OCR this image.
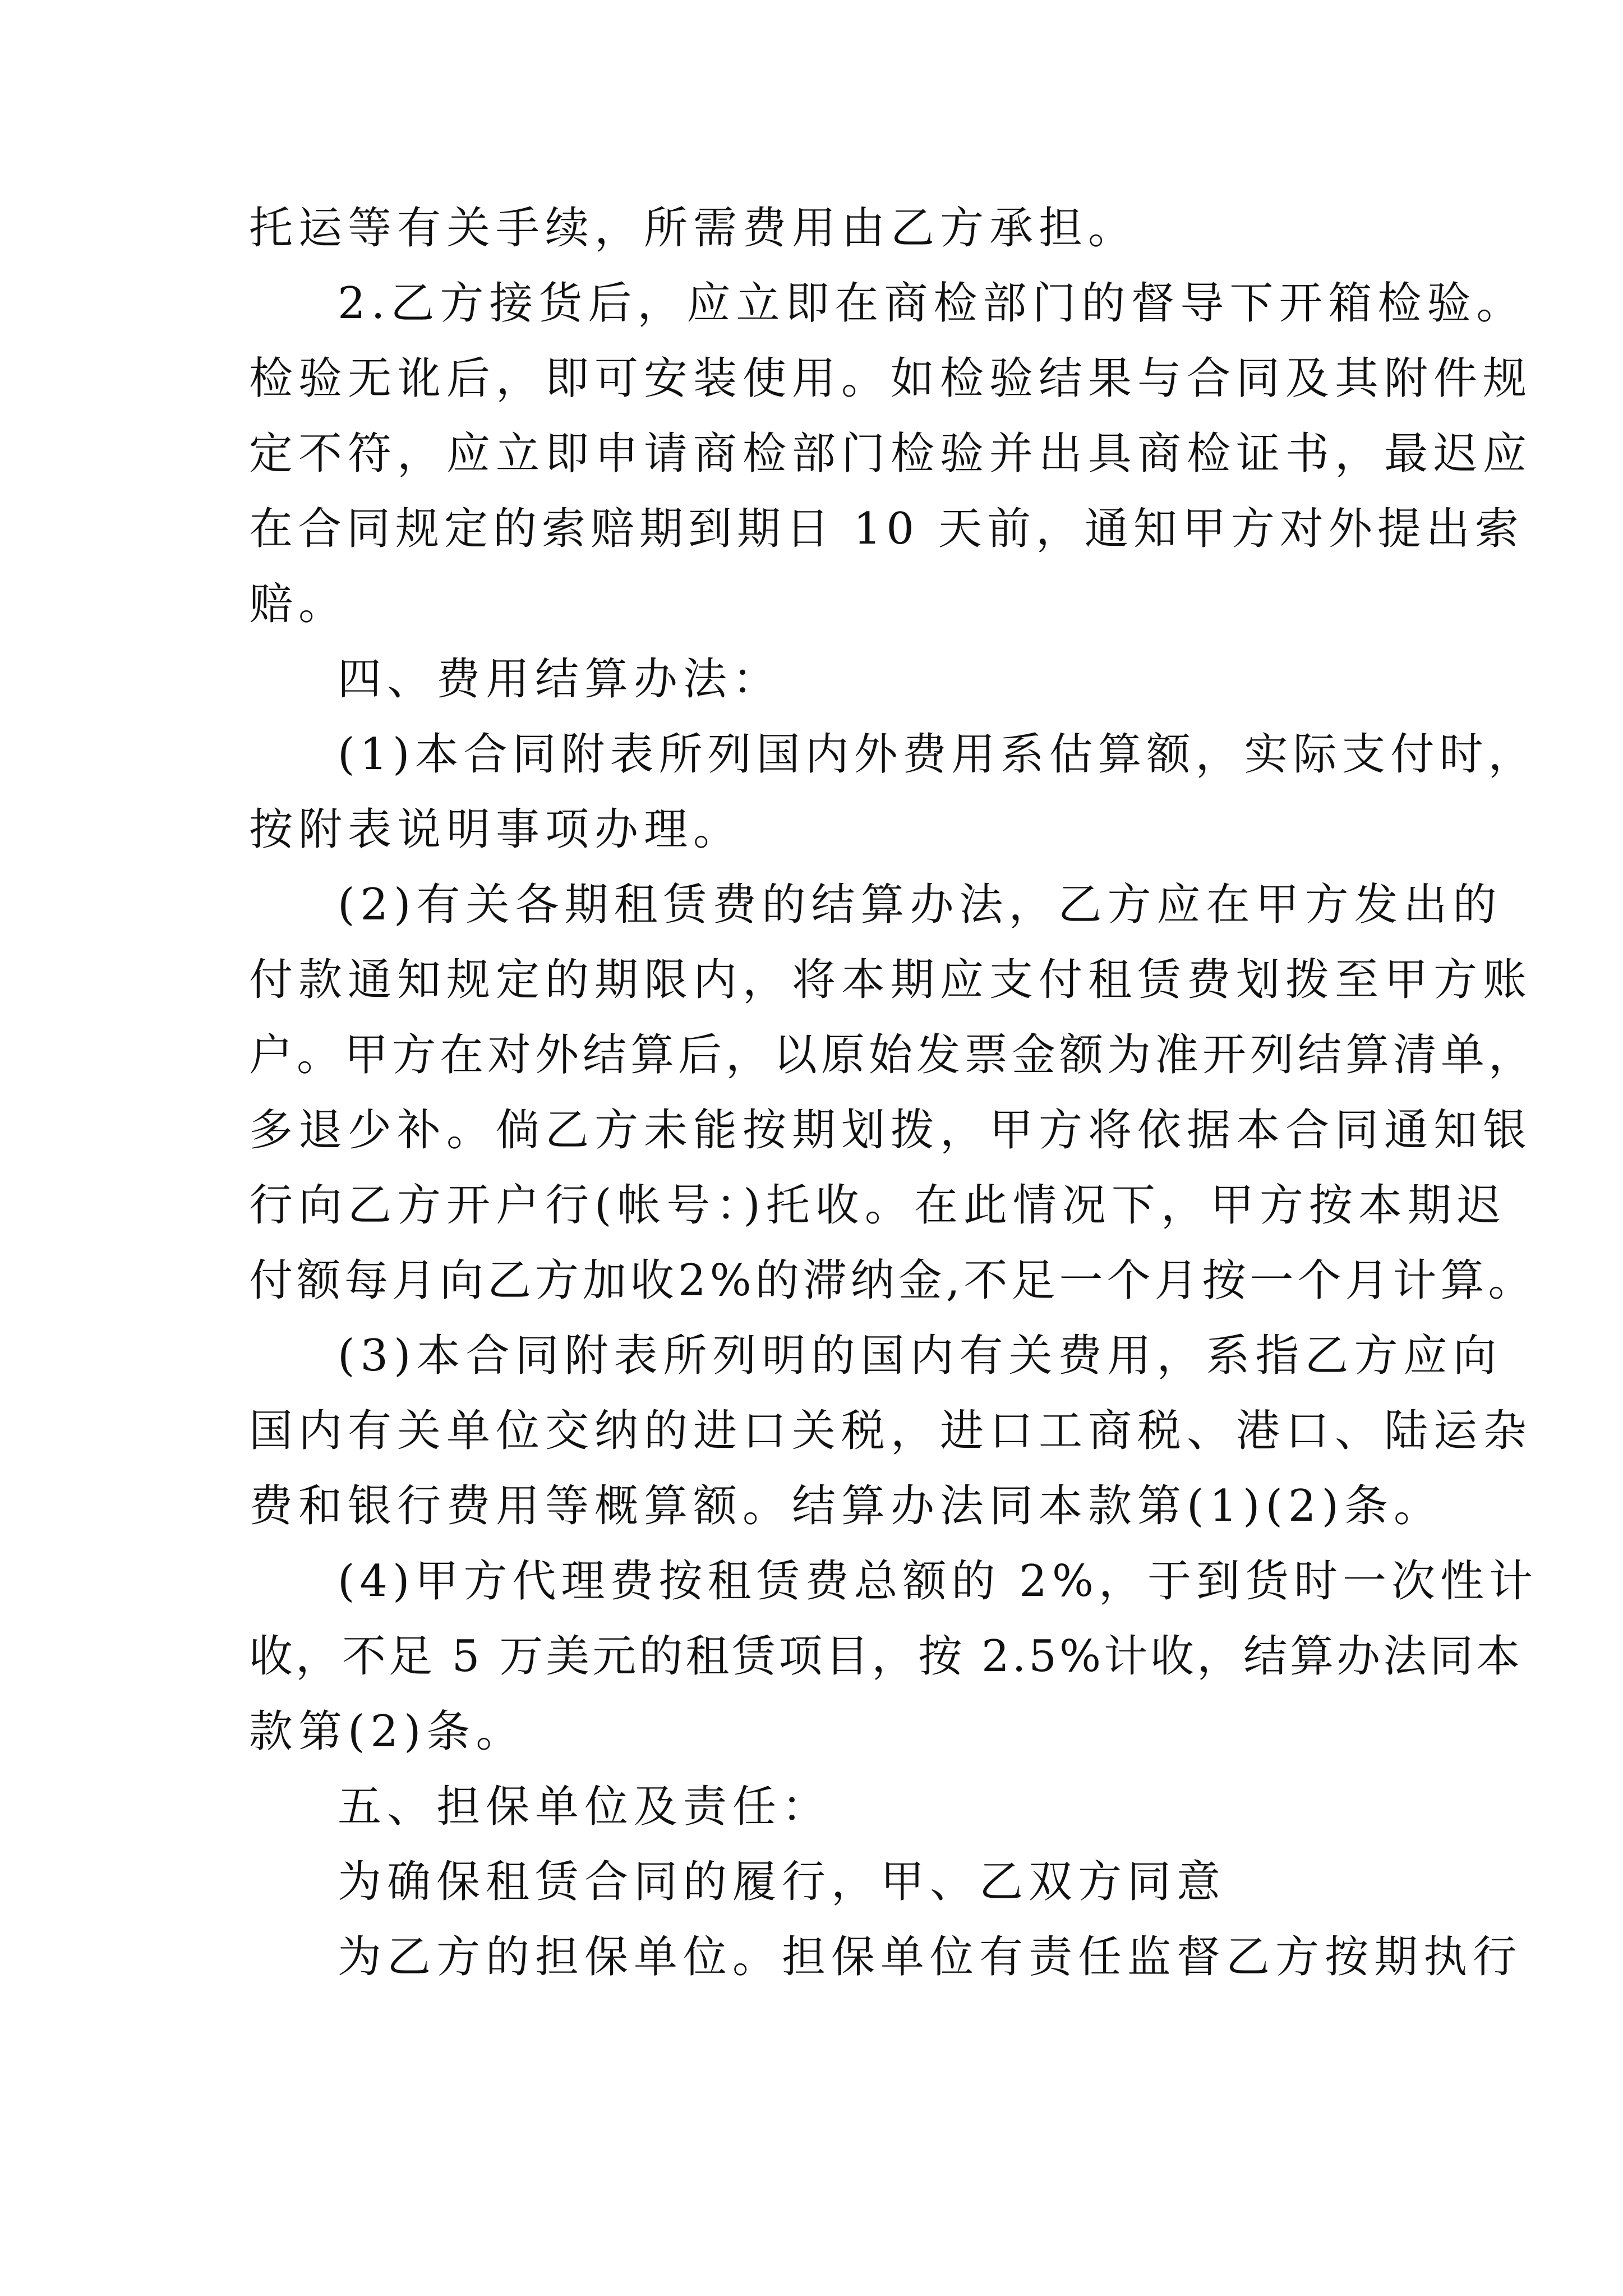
托运等有关手续，所需费用由乙方承担。

2.乙方接货后，应立即在商检部门的督导下开箱检验。

检验无讹后，即可安装使用。如检验结果与合同及其附件规

定不符，应立即申请商检部门检验并出具商检证书，最迟应

在合同规定的索赔期到期日 10 天前，通知甲方对外提出索

赔。

四、费用结算办法：

(1)本合同附表所列国内外费用系估算额，实际支付时，

按附表说明事项办理。

(2)有关各期租赁费的结算办法，乙方应在甲方发出的

付款通知规定的期限内，将本期应支付租赁费划拨至甲方账

户。甲方在对外结算后，以原始发票金额为准开列结算清单，

多退少补。倘乙方未能按期划拨，甲方将依据本合同通知银

行向乙方开户行(帐号：)托收。在此情况下，甲方按本期迟

付额每月向乙方加收2%的滞纳金,不足一个月按一个月计算。

(3)本合同附表所列明的国内有关费用，系指乙方应向

国内有关单位交纳的进口关税，进口工商税、港口、陆运杂

费和银行费用等概算额。结算办法同本款第(1)(2)条。

(4)甲方代理费按租赁费总额的 2%，于到货时一次性计

收，不足 5 万美元的租赁项目，按 2.5%计收，结算办法同本

款第(2)条。

五、担保单位及责任：

为确保租赁合同的履行，甲、乙双方同意

为乙方的担保单位。担保单位有责任监督乙方按期执行
